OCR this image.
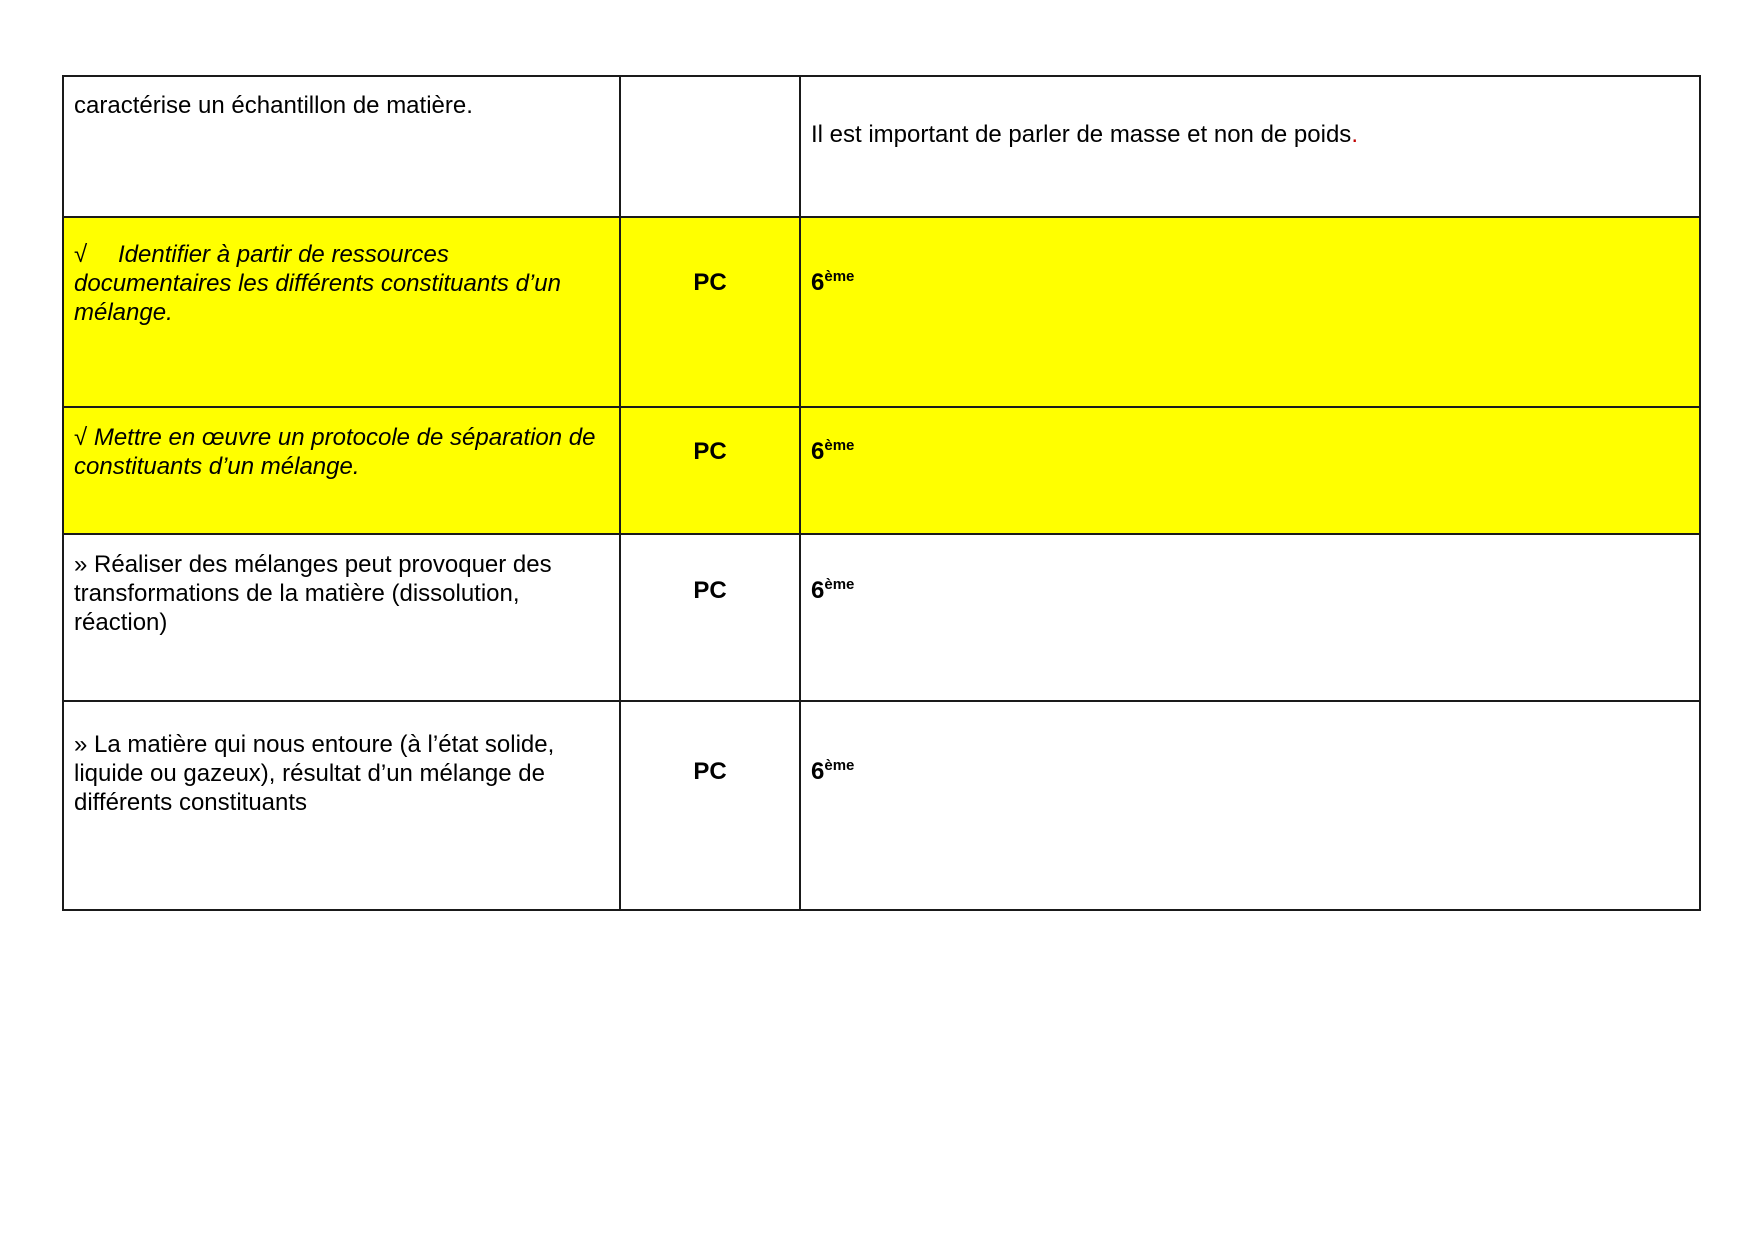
caractérise un échantillon de matière.		Il est important de parler de masse et non de poids.
√ Identifier à partir de ressources documentaires les différents constituants d’un mélange.	PC	6ème
√ Mettre en œuvre un protocole de séparation de constituants d’un mélange.	PC	6ème
» Réaliser des mélanges peut provoquer des transformations de la matière (dissolution, réaction)	PC	6ème
» La matière qui nous entoure (à l’état solide, liquide ou gazeux), résultat d’un mélange de différents constituants	PC	6ème
